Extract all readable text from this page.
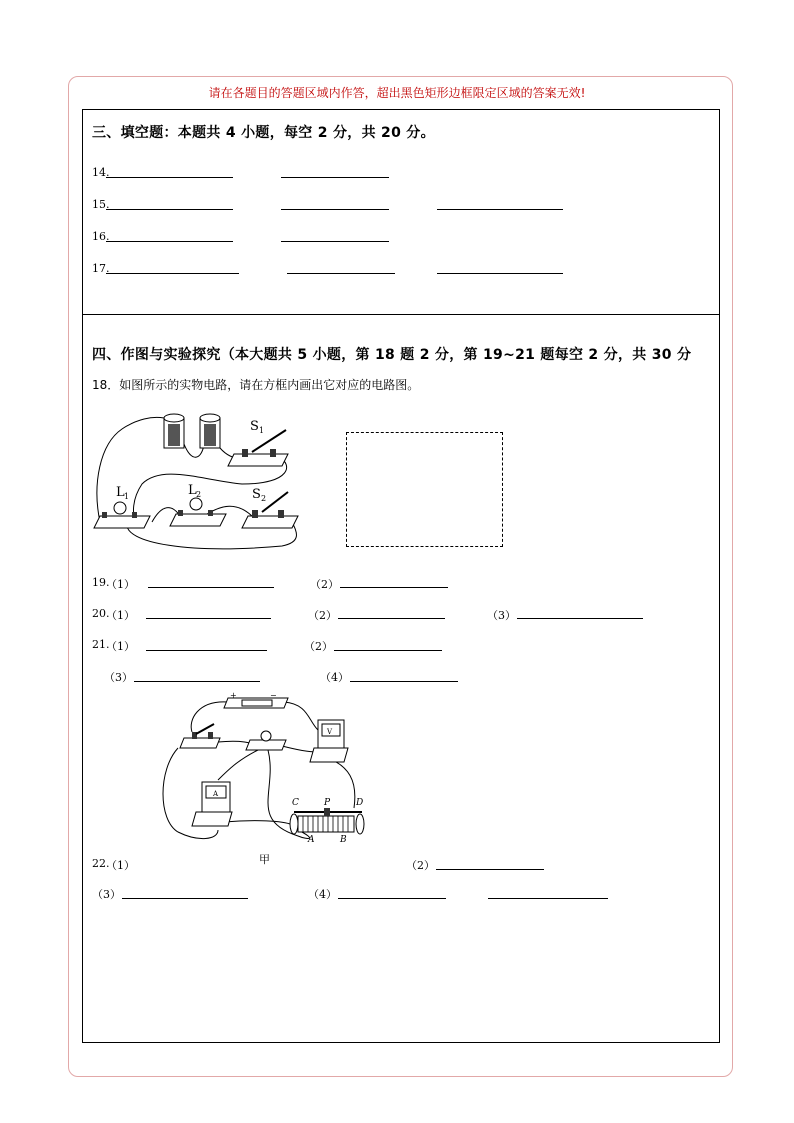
请在各题目的答题区域内作答，超出黑色矩形边框限定区域的答案无效!
三、填空题：本题共 4 小题，每空 2 分，共 20 分。
14.
15.
16.
17.
四、作图与实验探究（本大题共 5 小题，第 18 题 2 分，第 19~21 题每空 2 分，共 30 分
18．如图所示的实物电路，请在方框内画出它对应的电路图。
S 1
L 1	L 2	S 2
19.
（1）	（2）
20.
（1）	（2）	（3）
21.
（1）	（2）
（3）	（4）
+	−
V
A
C	P	D
A	B
甲
22.
（1）	（2）
（3）	（4）
